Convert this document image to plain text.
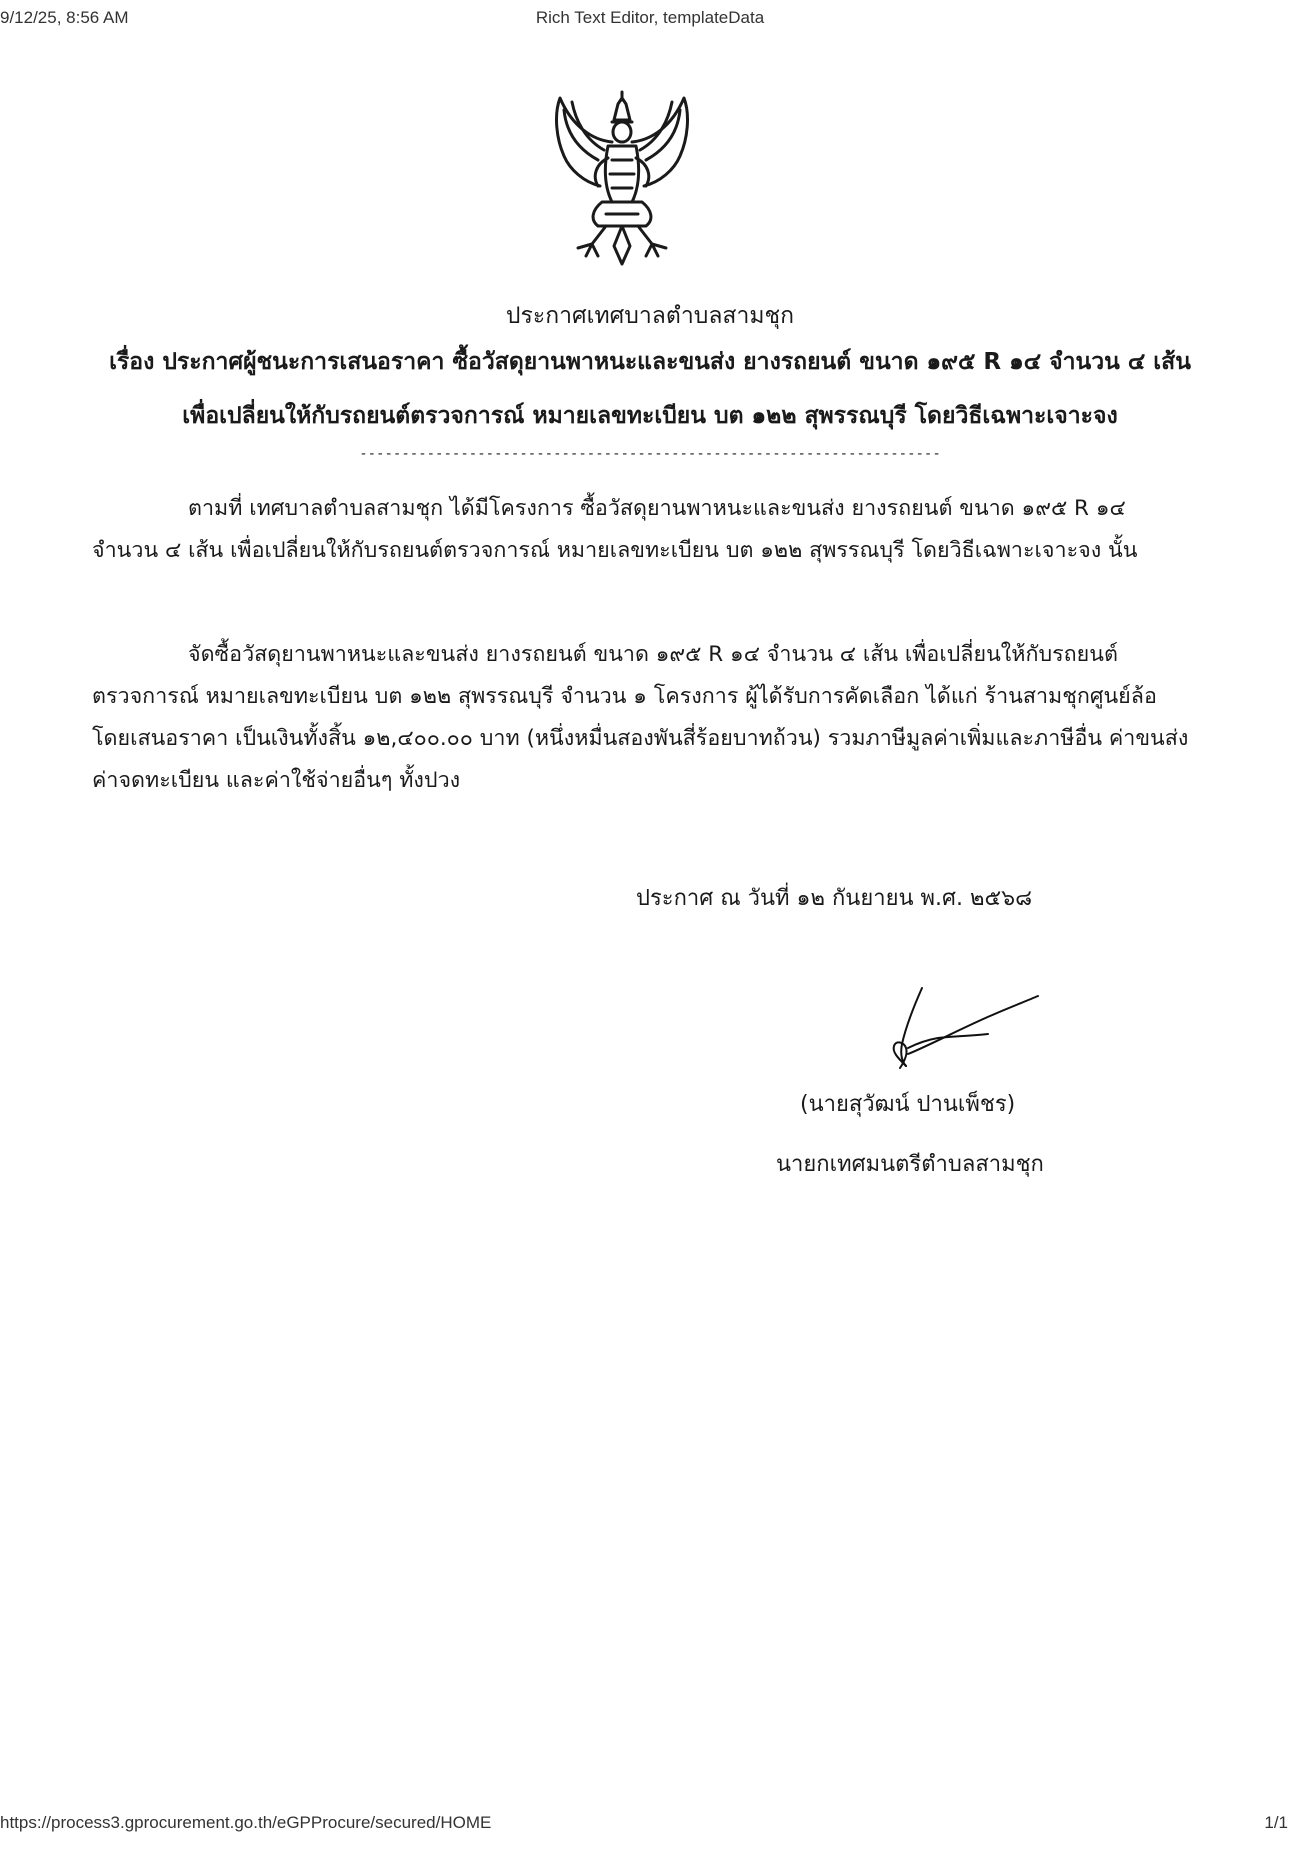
9/12/25, 8:56 AM	Rich Text Editor, templateData
ประกาศเทศบาลตำบลสามชุก
เรื่อง ประกาศผู้ชนะการเสนอราคา ซื้อวัสดุยานพาหนะและขนส่ง ยางรถยนต์ ขนาด ๑๙๕ R ๑๔ จำนวน ๔ เส้น
เพื่อเปลี่ยนให้กับรถยนต์ตรวจการณ์ หมายเลขทะเบียน บต ๑๒๒ สุพรรณบุรี โดยวิธีเฉพาะเจาะจง
---------------------------------------------------------------------
ตามที่ เทศบาลตำบลสามชุก ได้มีโครงการ ซื้อวัสดุยานพาหนะและขนส่ง ยางรถยนต์ ขนาด ๑๙๕ R ๑๔ จำนวน ๔ เส้น เพื่อเปลี่ยนให้กับรถยนต์ตรวจการณ์ หมายเลขทะเบียน บต ๑๒๒ สุพรรณบุรี โดยวิธีเฉพาะเจาะจง นั้น
จัดซื้อวัสดุยานพาหนะและขนส่ง ยางรถยนต์ ขนาด ๑๙๕ R ๑๔ จำนวน ๔ เส้น เพื่อเปลี่ยนให้กับรถยนต์ตรวจการณ์ หมายเลขทะเบียน บต ๑๒๒ สุพรรณบุรี จำนวน ๑ โครงการ ผู้ได้รับการคัดเลือก ได้แก่ ร้านสามชุกศูนย์ล้อ โดยเสนอราคา เป็นเงินทั้งสิ้น ๑๒,๔๐๐.๐๐ บาท (หนึ่งหมื่นสองพันสี่ร้อยบาทถ้วน) รวมภาษีมูลค่าเพิ่มและภาษีอื่น ค่าขนส่ง ค่าจดทะเบียน และค่าใช้จ่ายอื่นๆ ทั้งปวง
ประกาศ ณ วันที่ ๑๒ กันยายน พ.ศ. ๒๕๖๘
(นายสุวัฒน์ ปานเพ็ชร)
นายกเทศมนตรีตำบลสามชุก
https://process3.gprocurement.go.th/eGPProcure/secured/HOME	1/1
